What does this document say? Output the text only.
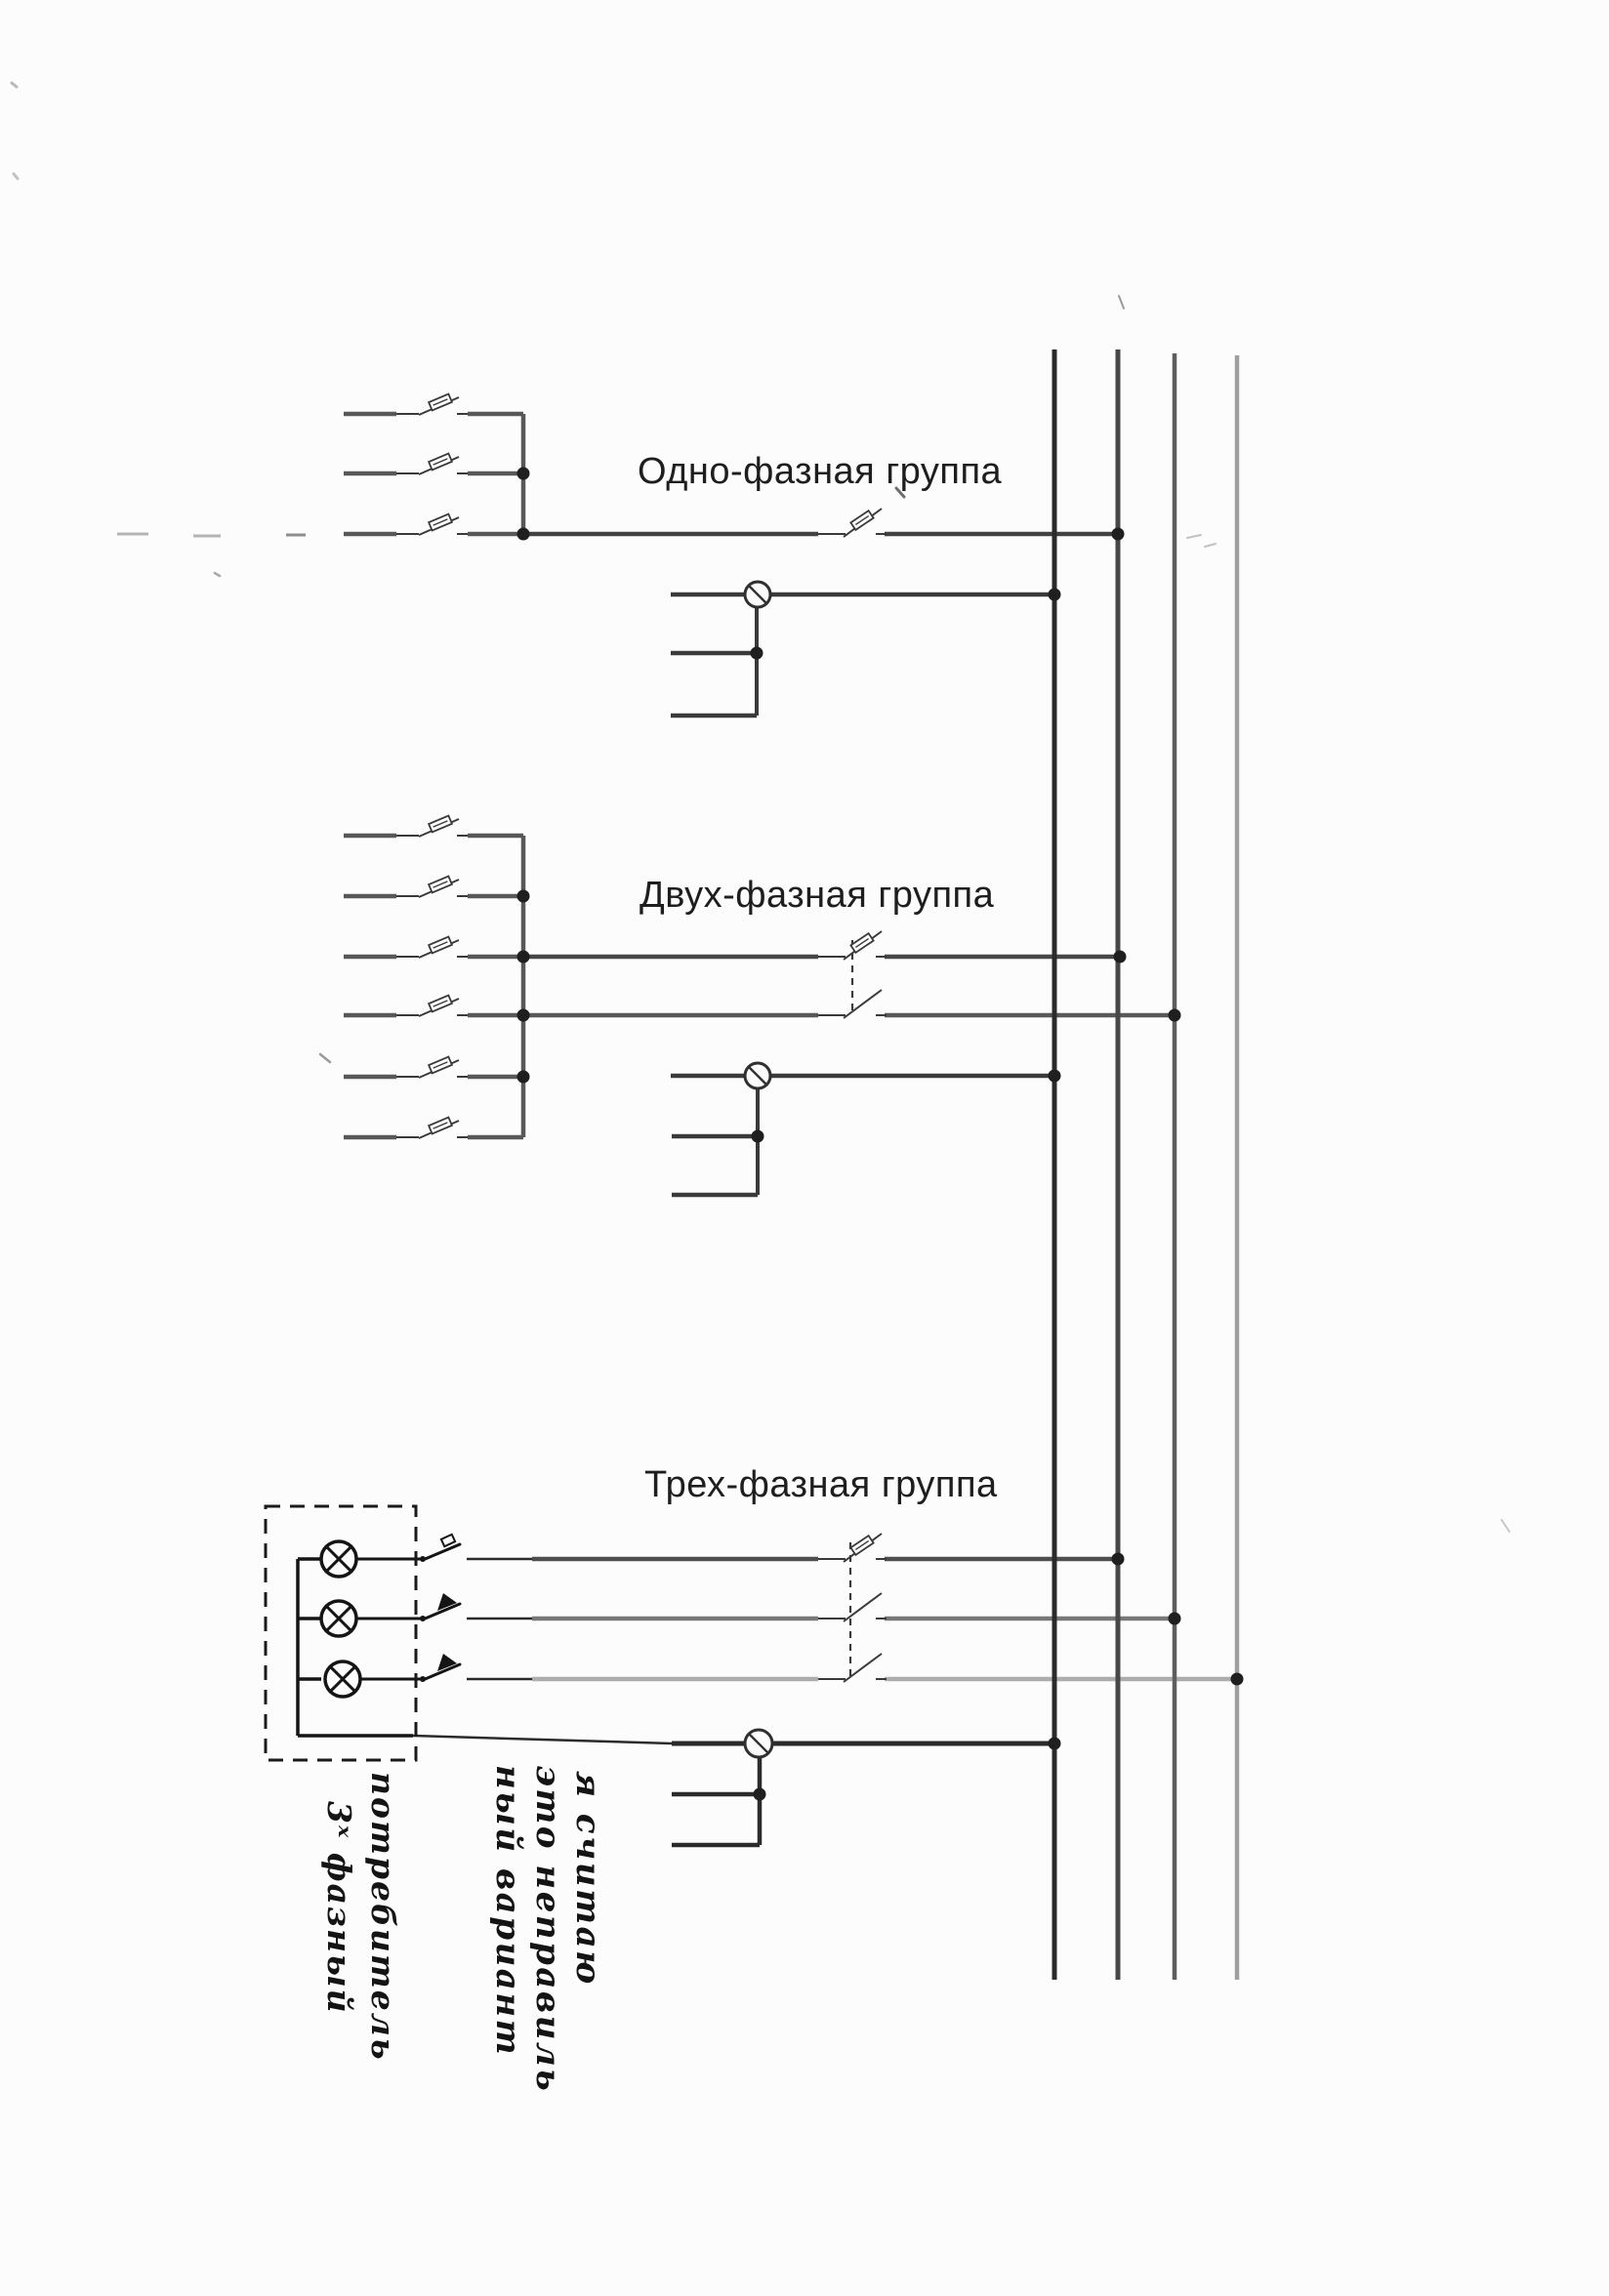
Одно-фазная группа
Двух-фазная группа
Трех-фазная группа
потребитель
3ˣ фазный	я считаю
это неправиль
ный вариант
